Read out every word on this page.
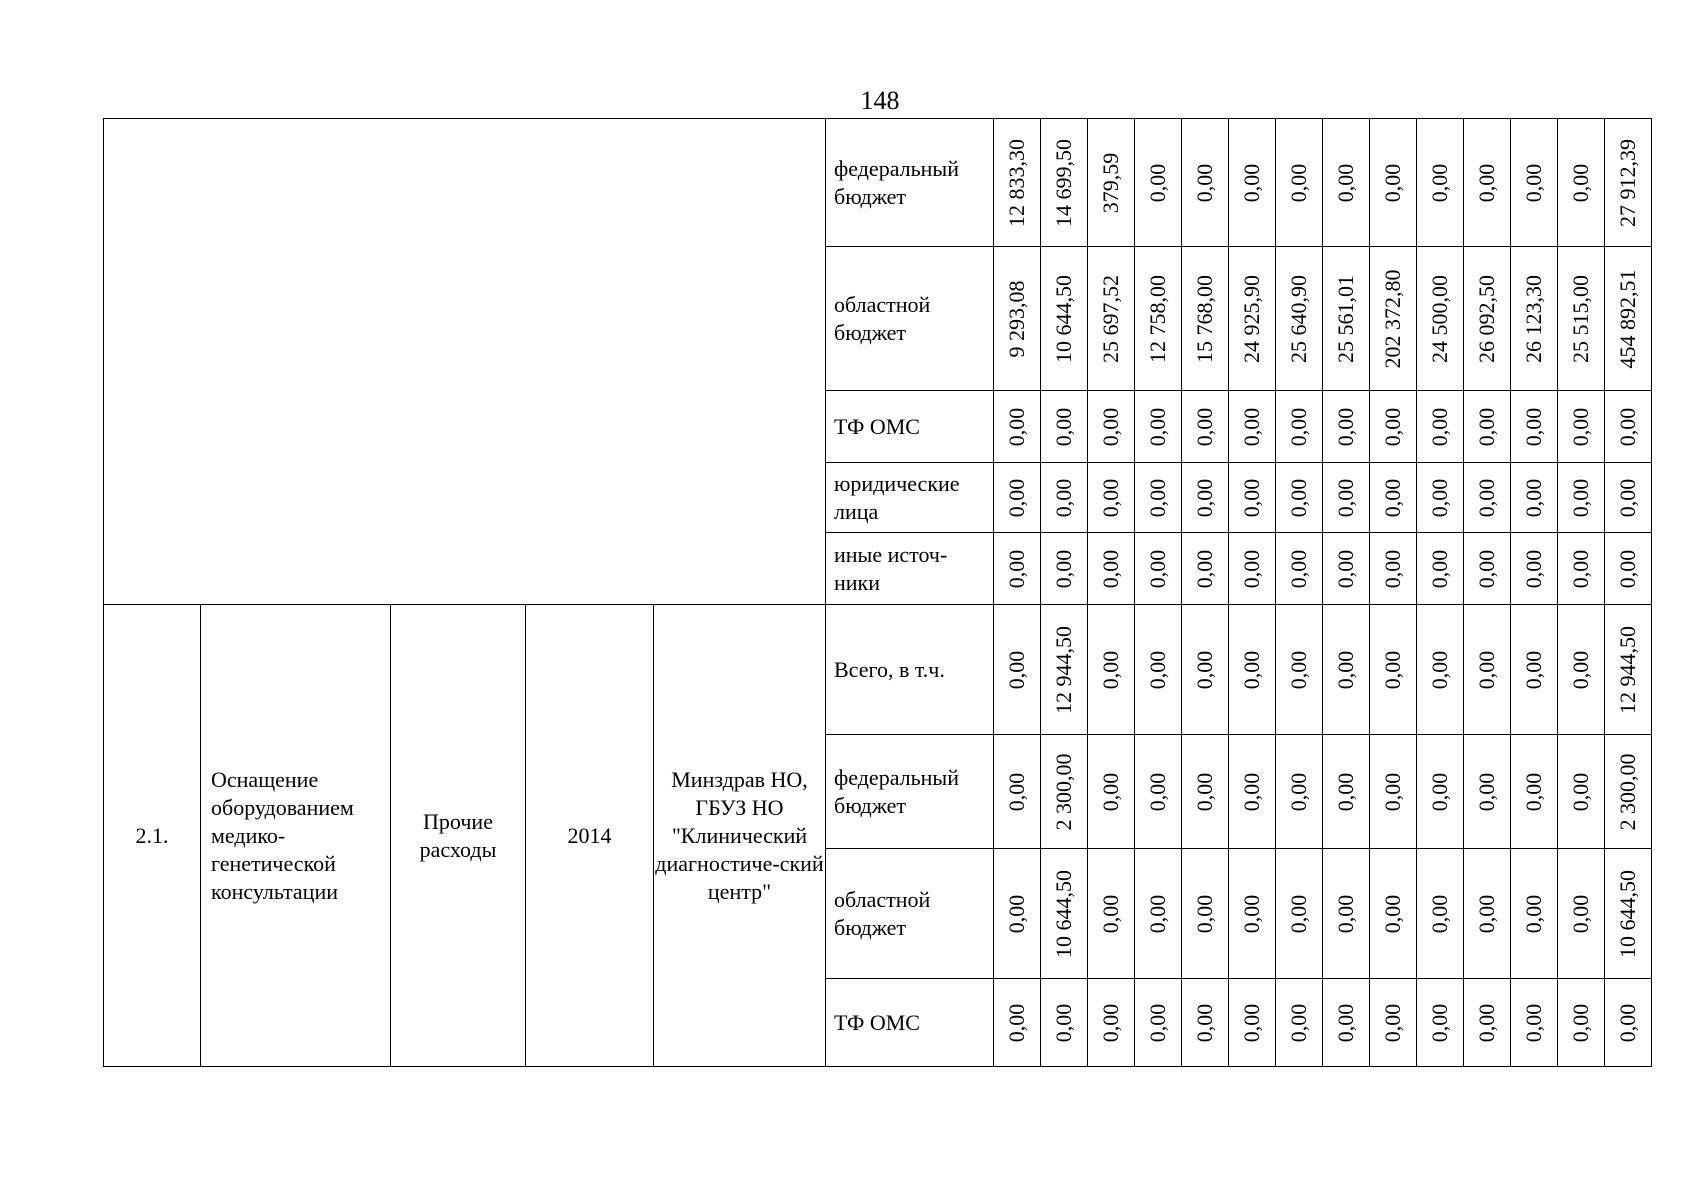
148
					федеральный бюджет	12 833,30	14 699,50	379,59	0,00	0,00	0,00	0,00	0,00	0,00	0,00	0,00	0,00	0,00	27 912,39

					областной бюджет	9 293,08	10 644,50	25 697,52	12 758,00	15 768,00	24 925,90	25 640,90	25 561,01	202 372,80	24 500,00	26 092,50	26 123,30	25 515,00	454 892,51

					ТФ ОМС	0,00	0,00	0,00	0,00	0,00	0,00	0,00	0,00	0,00	0,00	0,00	0,00	0,00	0,00

					юридические лица	0,00	0,00	0,00	0,00	0,00	0,00	0,00	0,00	0,00	0,00	0,00	0,00	0,00	0,00

					иные источ-ники	0,00	0,00	0,00	0,00	0,00	0,00	0,00	0,00	0,00	0,00	0,00	0,00	0,00	0,00

2.1.	Оснащение оборудованием медико-генетической консультации	Прочие расходы	2014	Минздрав НО, ГБУЗ НО "Клинический диагностиче-ский центр"	Всего, в т.ч.	0,00	12 944,50	0,00	0,00	0,00	0,00	0,00	0,00	0,00	0,00	0,00	0,00	0,00	12 944,50

					федеральный бюджет	0,00	2 300,00	0,00	0,00	0,00	0,00	0,00	0,00	0,00	0,00	0,00	0,00	0,00	2 300,00

					областной бюджет	0,00	10 644,50	0,00	0,00	0,00	0,00	0,00	0,00	0,00	0,00	0,00	0,00	0,00	10 644,50

					ТФ ОМС	0,00	0,00	0,00	0,00	0,00	0,00	0,00	0,00	0,00	0,00	0,00	0,00	0,00	0,00
